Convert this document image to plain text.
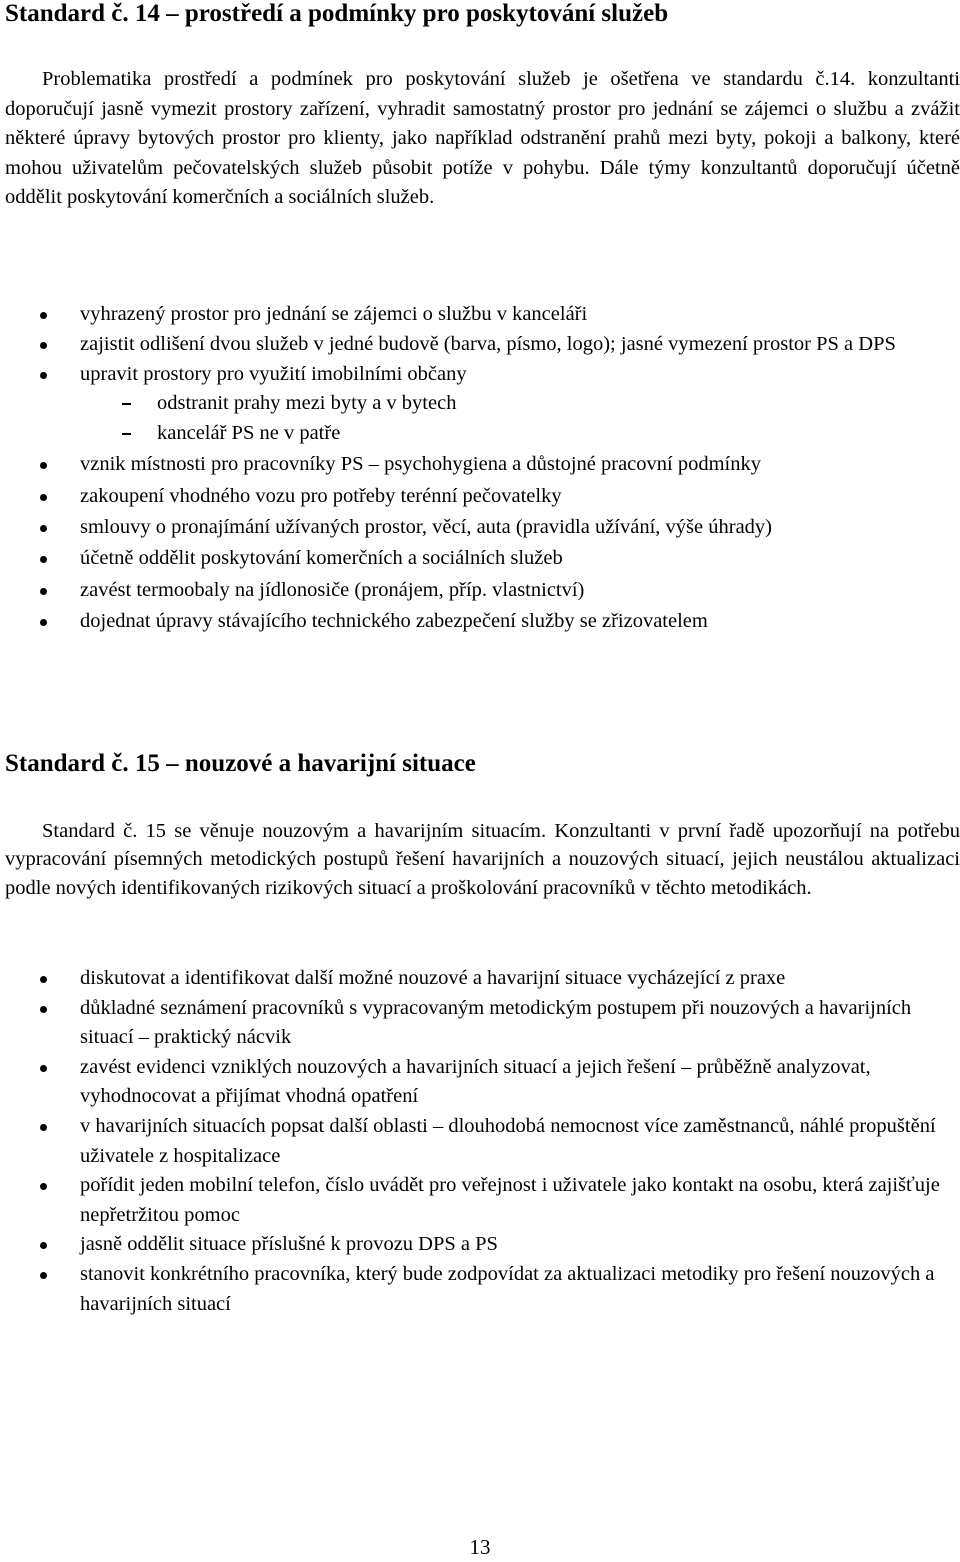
Standard č. 14 – prostředí a podmínky pro poskytování služeb

Problematika prostředí a podmínek pro poskytování služeb je ošetřena ve standardu č.14. konzultanti doporučují jasně vymezit prostory zařízení, vyhradit samostatný prostor pro jednání se zájemci o službu a zvážit některé úpravy bytových prostor pro klienty, jako například odstranění prahů mezi byty, pokoji a balkony, které mohou uživatelům pečovatelských služeb působit potíže v pohybu. Dále týmy konzultantů doporučují účetně oddělit poskytování komerčních a sociálních služeb.

vyhrazený prostor pro jednání se zájemci o službu v kanceláři
zajistit odlišení dvou služeb v jedné budově (barva, písmo, logo); jasné vymezení prostor PS a DPS
upravit prostory pro využití imobilními občany
odstranit prahy mezi byty a v bytech
kancelář PS ne v patře
vznik místnosti pro pracovníky PS – psychohygiena a důstojné pracovní podmínky
zakoupení vhodného vozu pro potřeby terénní pečovatelky
smlouvy o pronajímání užívaných prostor, věcí, auta (pravidla užívání, výše úhrady)
účetně oddělit poskytování komerčních a sociálních služeb
zavést termoobaly na jídlonosiče (pronájem, příp. vlastnictví)
dojednat úpravy stávajícího technického zabezpečení služby se zřizovatelem
Standard č. 15 – nouzové a havarijní situace

Standard č. 15 se věnuje nouzovým a havarijním situacím. Konzultanti v první řadě upozorňují na potřebu vypracování písemných metodických postupů řešení havarijních a nouzových situací, jejich neustálou aktualizaci podle nových identifikovaných rizikových situací a proškolování pracovníků v těchto metodikách.

diskutovat a identifikovat další možné nouzové a havarijní situace vycházející z praxe
důkladné seznámení pracovníků s vypracovaným metodickým postupem při nouzových a havarijních situací – praktický nácvik
zavést evidenci vzniklých nouzových a havarijních situací a jejich řešení – průběžně analyzovat, vyhodnocovat a přijímat vhodná opatření
v havarijních situacích popsat další oblasti – dlouhodobá nemocnost více zaměstnanců, náhlé propuštění uživatele z hospitalizace
pořídit jeden mobilní telefon, číslo uvádět pro veřejnost i uživatele jako kontakt na osobu, která zajišťuje nepřetržitou pomoc
jasně oddělit situace příslušné k provozu DPS a PS
stanovit konkrétního pracovníka, který bude zodpovídat za aktualizaci metodiky pro řešení nouzových a havarijních situací
13
